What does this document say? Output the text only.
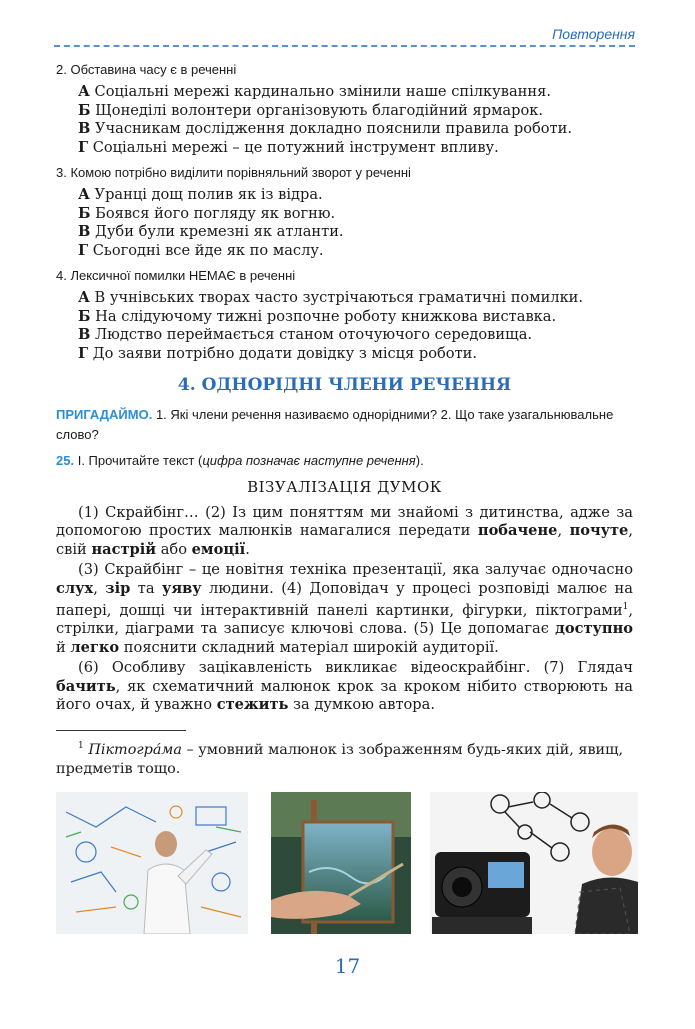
Повторення

2. Обставина часу є в реченні

А Соціальні мережі кардинально змінили наше спілкування.
Б Щонеділі волонтери організовують благодійний ярмарок.
В Учасникам дослідження докладно пояснили правила роботи.
Г Соціальні мережі – це потужний інструмент впливу.

3. Комою потрібно виділити порівняльний зворот у реченні

А Уранці дощ полив як із відра.
Б Боявся його погляду як вогню.
В Дуби були кремезні як атланти.
Г Сьогодні все йде як по маслу.

4. Лексичної помилки НЕМАЄ в реченні

А В учнівських творах часто зустрічаються граматичні помилки.
Б На слідуючому тижні розпочне роботу книжкова виставка.
В Людство переймається станом оточуючого середовища.
Г До заяви потрібно додати довідку з місця роботи.
4. ОДНОРІДНІ ЧЛЕНИ РЕЧЕННЯ

ПРИГАДАЙМО. 1. Які члени речення називаємо однорідними? 2. Що таке узагальнювальне слово?

25. І. Прочитайте текст (цифра позначає наступне речення).

ВІЗУАЛІЗАЦІЯ ДУМОК

(1) Скрайбінг… (2) Із цим поняттям ми знайомі з дитинства, адже за допомогою простих малюнків намагалися передати побачене, почуте, свій настрій або емоції.

(3) Скрайбінг – це новітня техніка презентації, яка залучає одночасно слух, зір та уяву людини. (4) Доповідач у процесі розповіді малює на папері, дошці чи інтерактивній панелі картинки, фігурки, піктограми$^1$, стрілки, діаграми та записує ключові слова. (5) Це допомагає доступно й легко пояснити складний матеріал широкій аудиторії.

(6) Особливу зацікавленість викликає відеоскрайбінг. (7) Глядач бачить, як схематичний малюнок крок за кроком нібито створюють на його очах, й уважно стежить за думкою автора.

$^1$ Піктогра́ма – умовний малюнок із зображенням будь-яких дій, явищ, предметів тощо.

17
